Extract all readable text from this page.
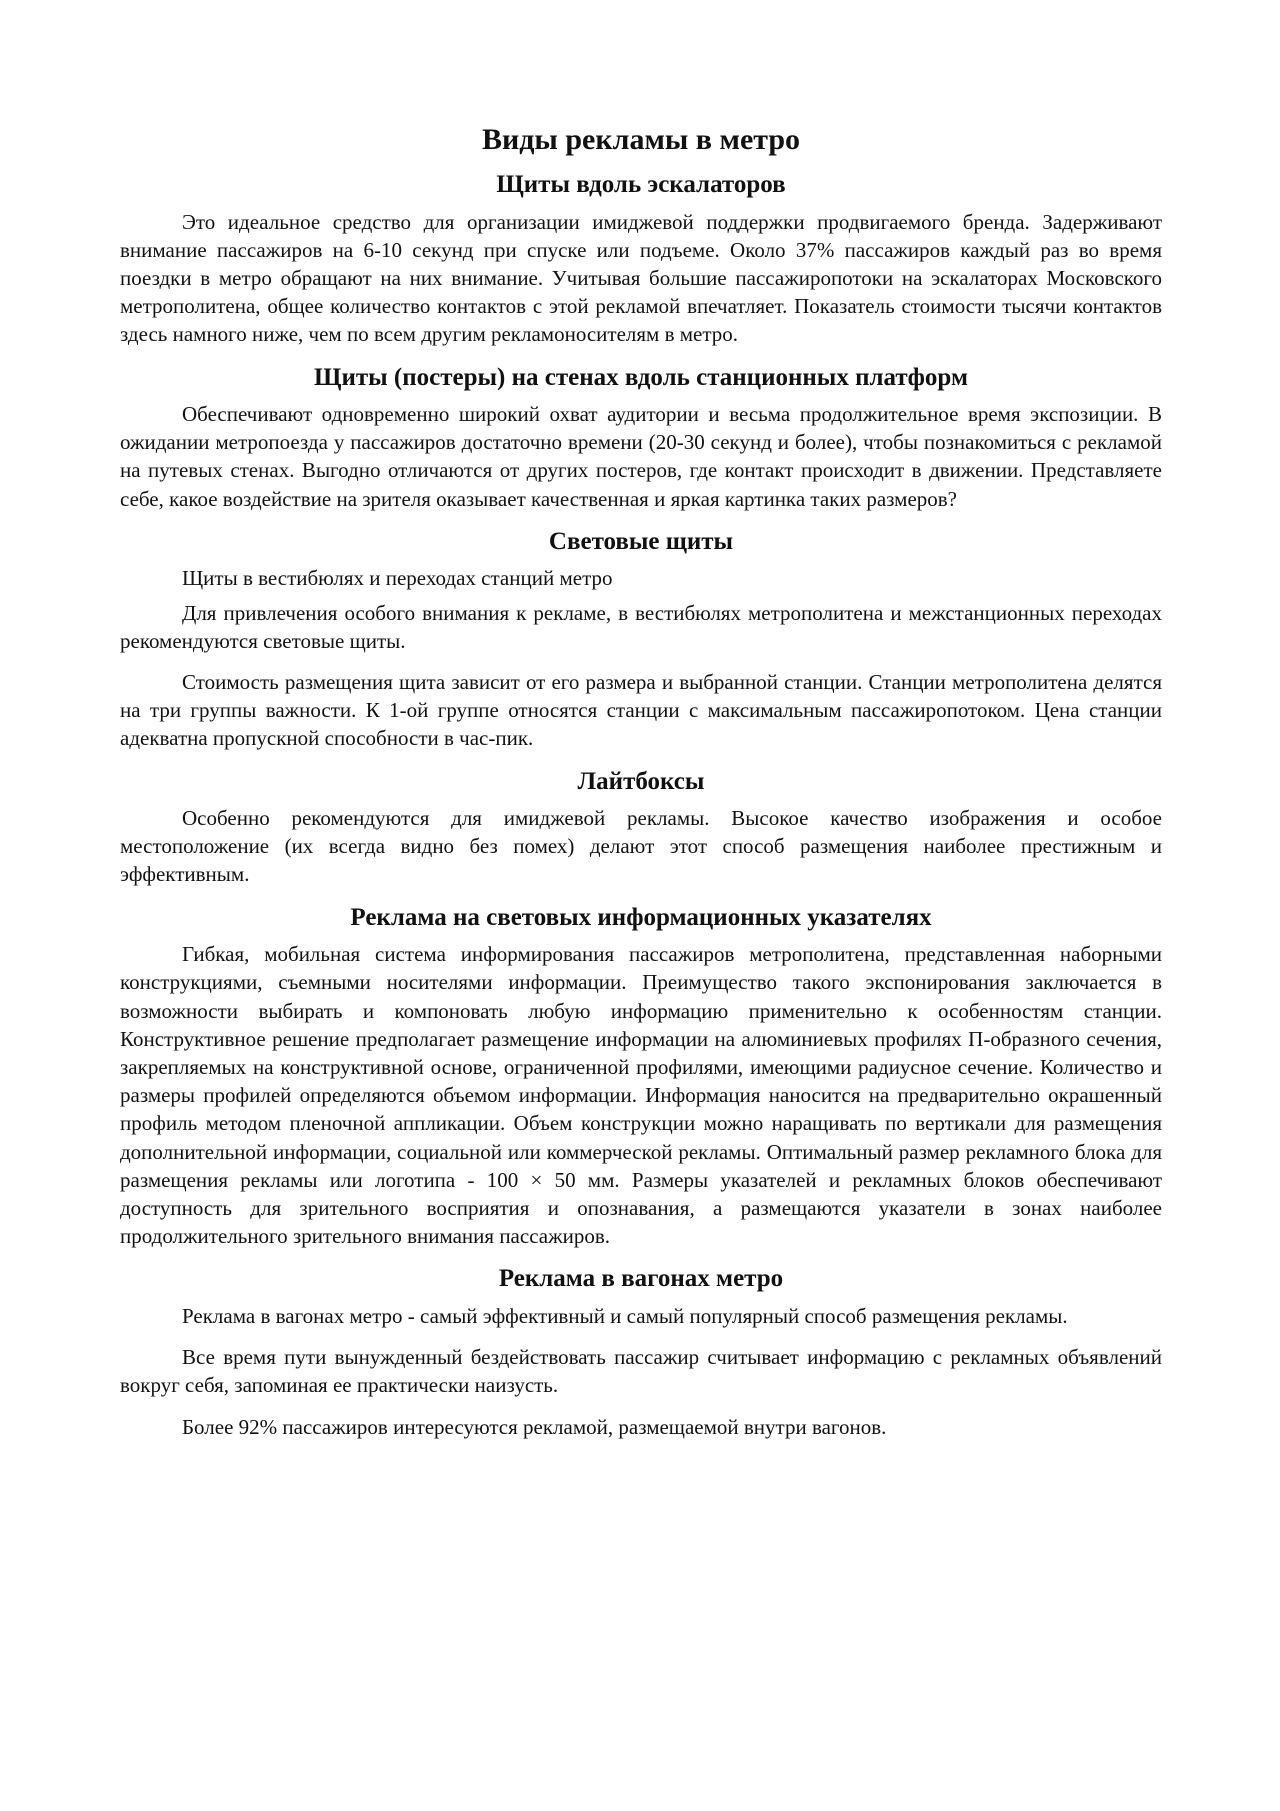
Виды рекламы в метро
Щиты вдоль эскалаторов

Это идеальное средство для организации имиджевой поддержки продвигаемого бренда. Задерживают внимание пассажиров на 6-10 секунд при спуске или подъеме. Около 37% пассажиров каждый раз во время поездки в метро обращают на них внимание. Учитывая большие пассажиропотоки на эскалаторах Московского метрополитена, общее количество контактов с этой рекламой впечатляет. Показатель стоимости тысячи контактов здесь намного ниже, чем по всем другим рекламоносителям в метро.

Щиты (постеры) на стенах вдоль станционных платформ

Обеспечивают одновременно широкий охват аудитории и весьма продолжительное время экспозиции. В ожидании метропоезда у пассажиров достаточно времени (20-30 секунд и более), чтобы познакомиться с рекламой на путевых стенах. Выгодно отличаются от других постеров, где контакт происходит в движении. Представляете себе, какое воздействие на зрителя оказывает качественная и яркая картинка таких размеров?

Световые щиты

Щиты в вестибюлях и переходах станций метро

Для привлечения особого внимания к рекламе, в вестибюлях метрополитена и межстанционных переходах рекомендуются световые щиты.

Стоимость размещения щита зависит от его размера и выбранной станции. Станции метрополитена делятся на три группы важности. К 1-ой группе относятся станции с максимальным пассажиропотоком. Цена станции адекватна пропускной способности в час-пик.

Лайтбоксы

Особенно рекомендуются для имиджевой рекламы. Высокое качество изображения и особое местоположение (их всегда видно без помех) делают этот способ размещения наиболее престижным и эффективным.

Реклама на световых информационных указателях

Гибкая, мобильная система информирования пассажиров метрополитена, представленная наборными конструкциями, съемными носителями информации. Преимущество такого экспонирования заключается в возможности выбирать и компоновать любую информацию применительно к особенностям станции. Конструктивное решение предполагает размещение информации на алюминиевых профилях П-образного сечения, закрепляемых на конструктивной основе, ограниченной профилями, имеющими радиусное сечение. Количество и размеры профилей определяются объемом информации. Информация наносится на предварительно окрашенный профиль методом пленочной аппликации. Объем конструкции можно наращивать по вертикали для размещения дополнительной информации, социальной или коммерческой рекламы. Оптимальный размер рекламного блока для размещения рекламы или логотипа - 100 × 50 мм. Размеры указателей и рекламных блоков обеспечивают доступность для зрительного восприятия и опознавания, а размещаются указатели в зонах наиболее продолжительного зрительного внимания пассажиров.

Реклама в вагонах метро

Реклама в вагонах метро - самый эффективный и самый популярный способ размещения рекламы.

Все время пути вынужденный бездействовать пассажир считывает информацию с рекламных объявлений вокруг себя, запоминая ее практически наизусть.

Более 92% пассажиров интересуются рекламой, размещаемой внутри вагонов.
